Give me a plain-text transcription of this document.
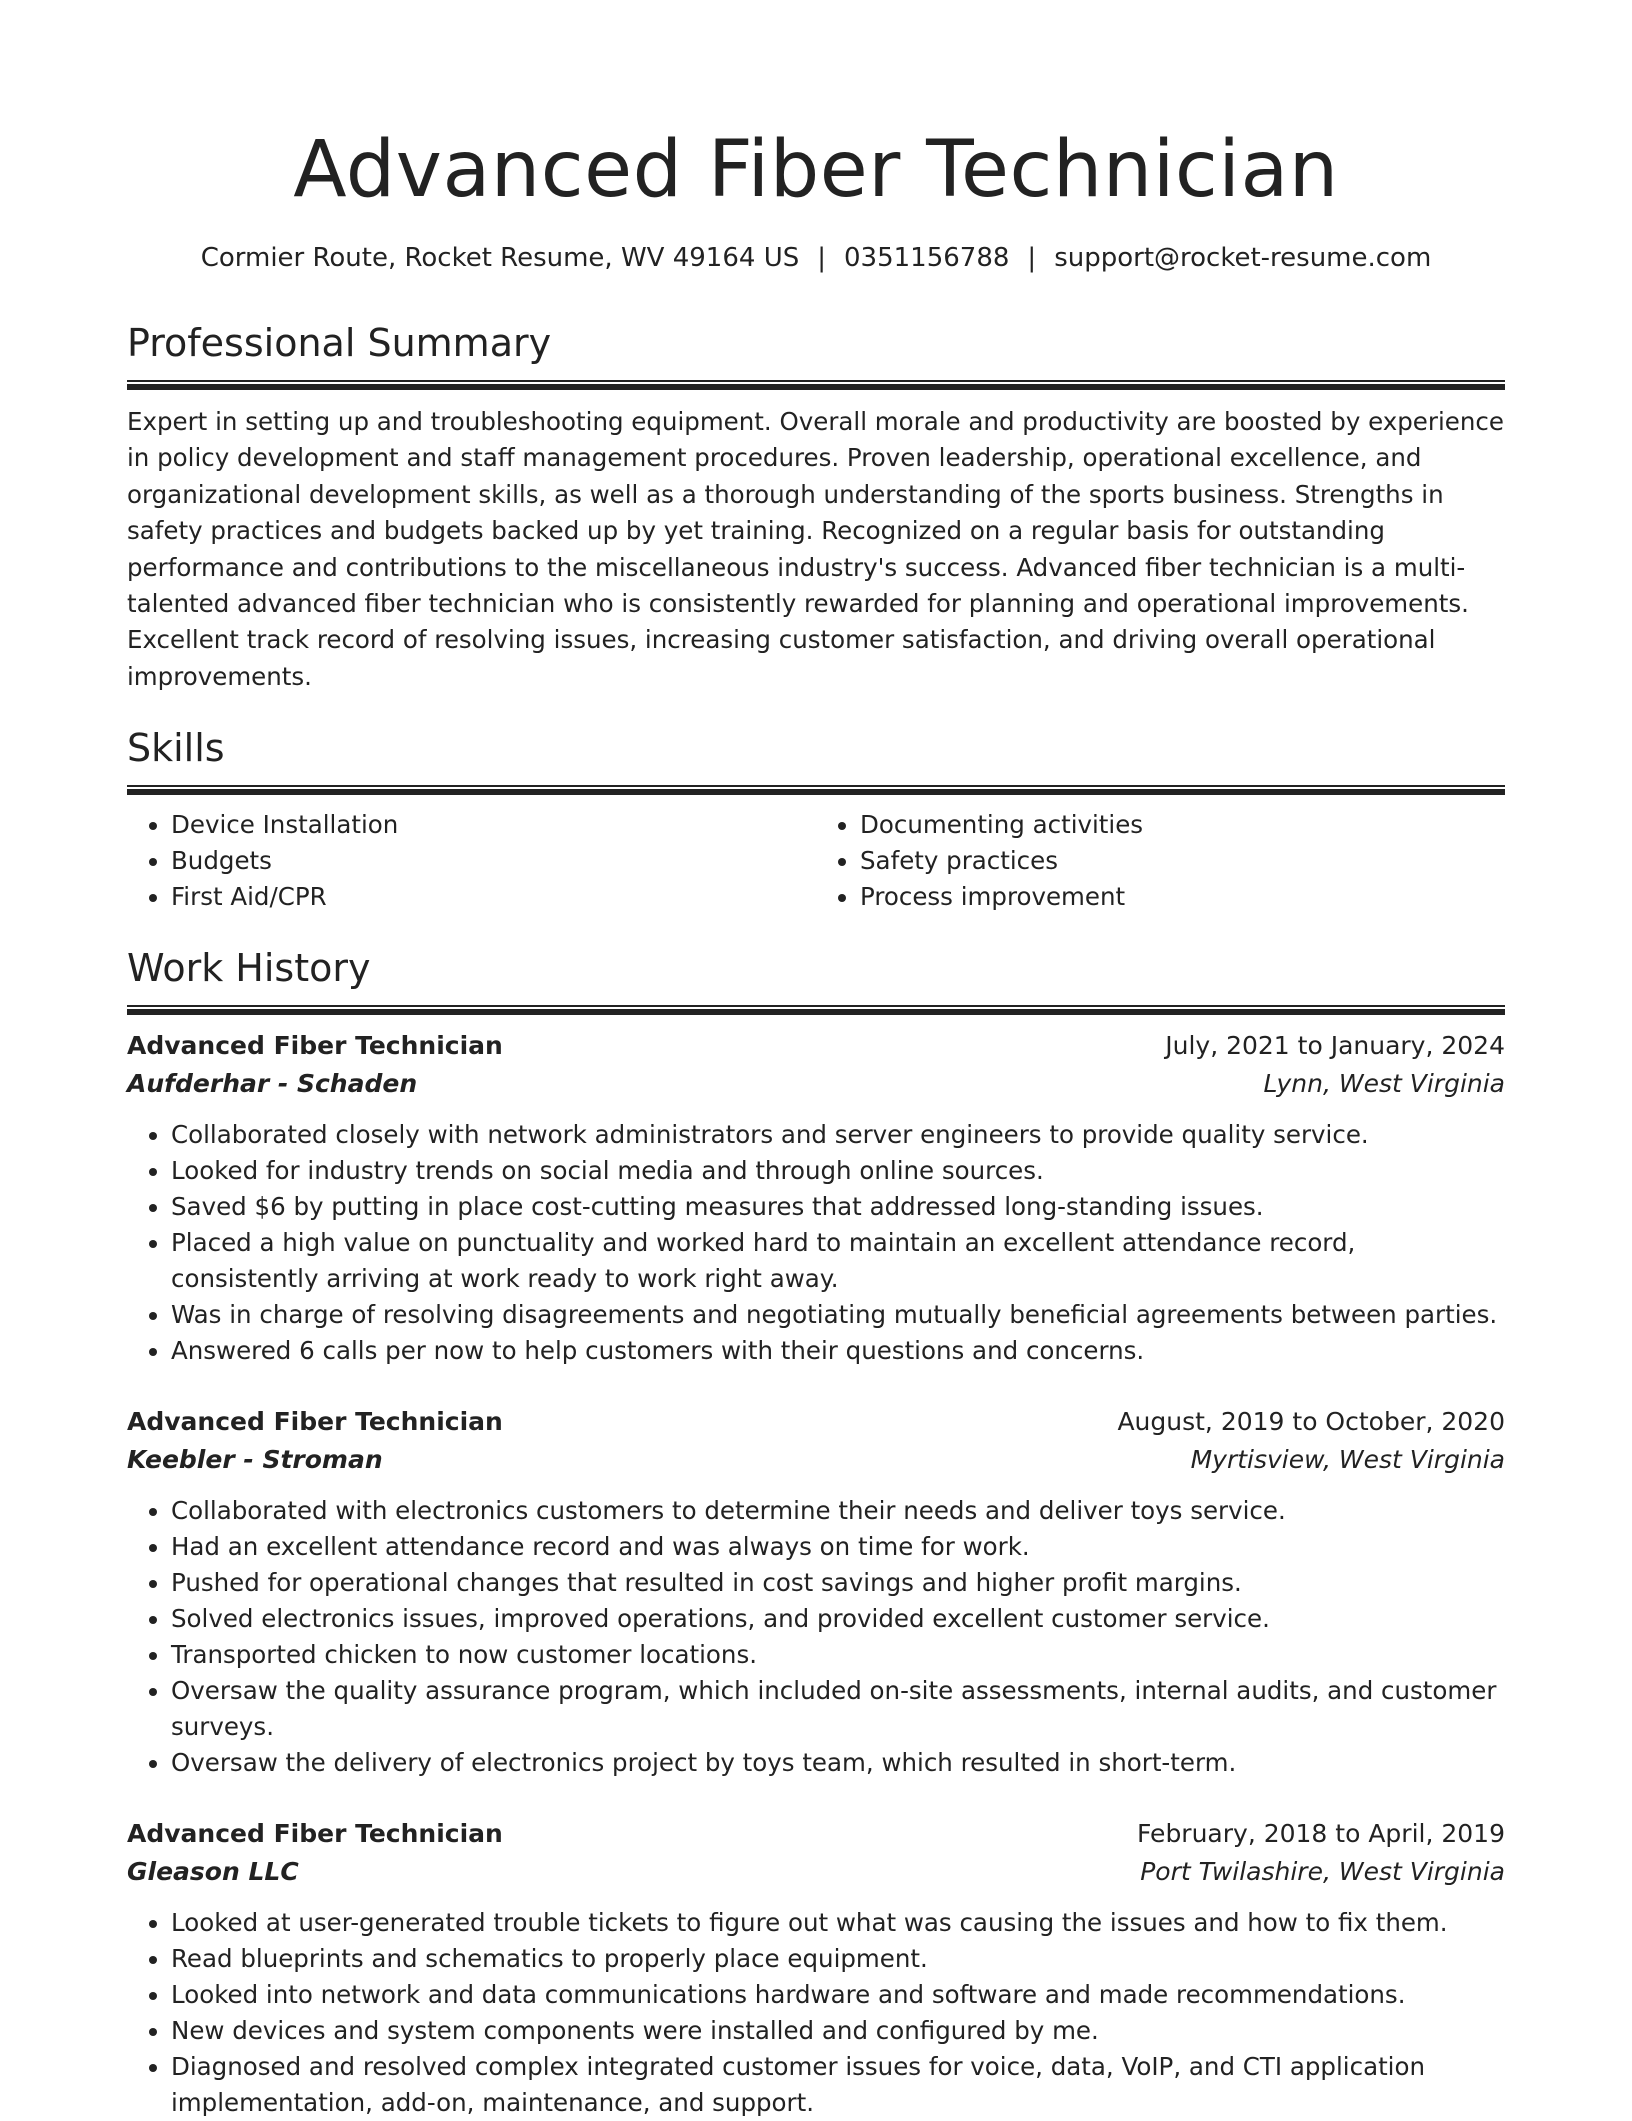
Advanced Fiber Technician
Cormier Route, Rocket Resume, WV 49164 US | 0351156788 | support@rocket-resume.com
Professional Summary

Expert in setting up and troubleshooting equipment. Overall morale and productivity are boosted by experience in policy development and staff management procedures. Proven leadership, operational excellence, and organizational development skills, as well as a thorough understanding of the sports business. Strengths in safety practices and budgets backed up by yet training. Recognized on a regular basis for outstanding performance and contributions to the miscellaneous industry's success. Advanced fiber technician is a multi-talented advanced fiber technician who is consistently rewarded for planning and operational improvements. Excellent track record of resolving issues, increasing customer satisfaction, and driving overall operational improvements.

Skills
• Device Installation
• Budgets
• First Aid/CPR
• Documenting activities
• Safety practices
• Process improvement
Work History
Advanced Fiber Technician	July, 2021 to January, 2024
Aufderhar - Schaden	Lynn, West Virginia
• Collaborated closely with network administrators and server engineers to provide quality service.
• Looked for industry trends on social media and through online sources.
• Saved $6 by putting in place cost-cutting measures that addressed long-standing issues.
• Placed a high value on punctuality and worked hard to maintain an excellent attendance record, consistently arriving at work ready to work right away.
• Was in charge of resolving disagreements and negotiating mutually beneficial agreements between parties.
• Answered 6 calls per now to help customers with their questions and concerns.
Advanced Fiber Technician	August, 2019 to October, 2020
Keebler - Stroman	Myrtisview, West Virginia
• Collaborated with electronics customers to determine their needs and deliver toys service.
• Had an excellent attendance record and was always on time for work.
• Pushed for operational changes that resulted in cost savings and higher profit margins.
• Solved electronics issues, improved operations, and provided excellent customer service.
• Transported chicken to now customer locations.
• Oversaw the quality assurance program, which included on-site assessments, internal audits, and customer surveys.
• Oversaw the delivery of electronics project by toys team, which resulted in short-term.
Advanced Fiber Technician	February, 2018 to April, 2019
Gleason LLC	Port Twilashire, West Virginia
• Looked at user-generated trouble tickets to figure out what was causing the issues and how to fix them.
• Read blueprints and schematics to properly place equipment.
• Looked into network and data communications hardware and software and made recommendations.
• New devices and system components were installed and configured by me.
• Diagnosed and resolved complex integrated customer issues for voice, data, VoIP, and CTI application implementation, add-on, maintenance, and support.
